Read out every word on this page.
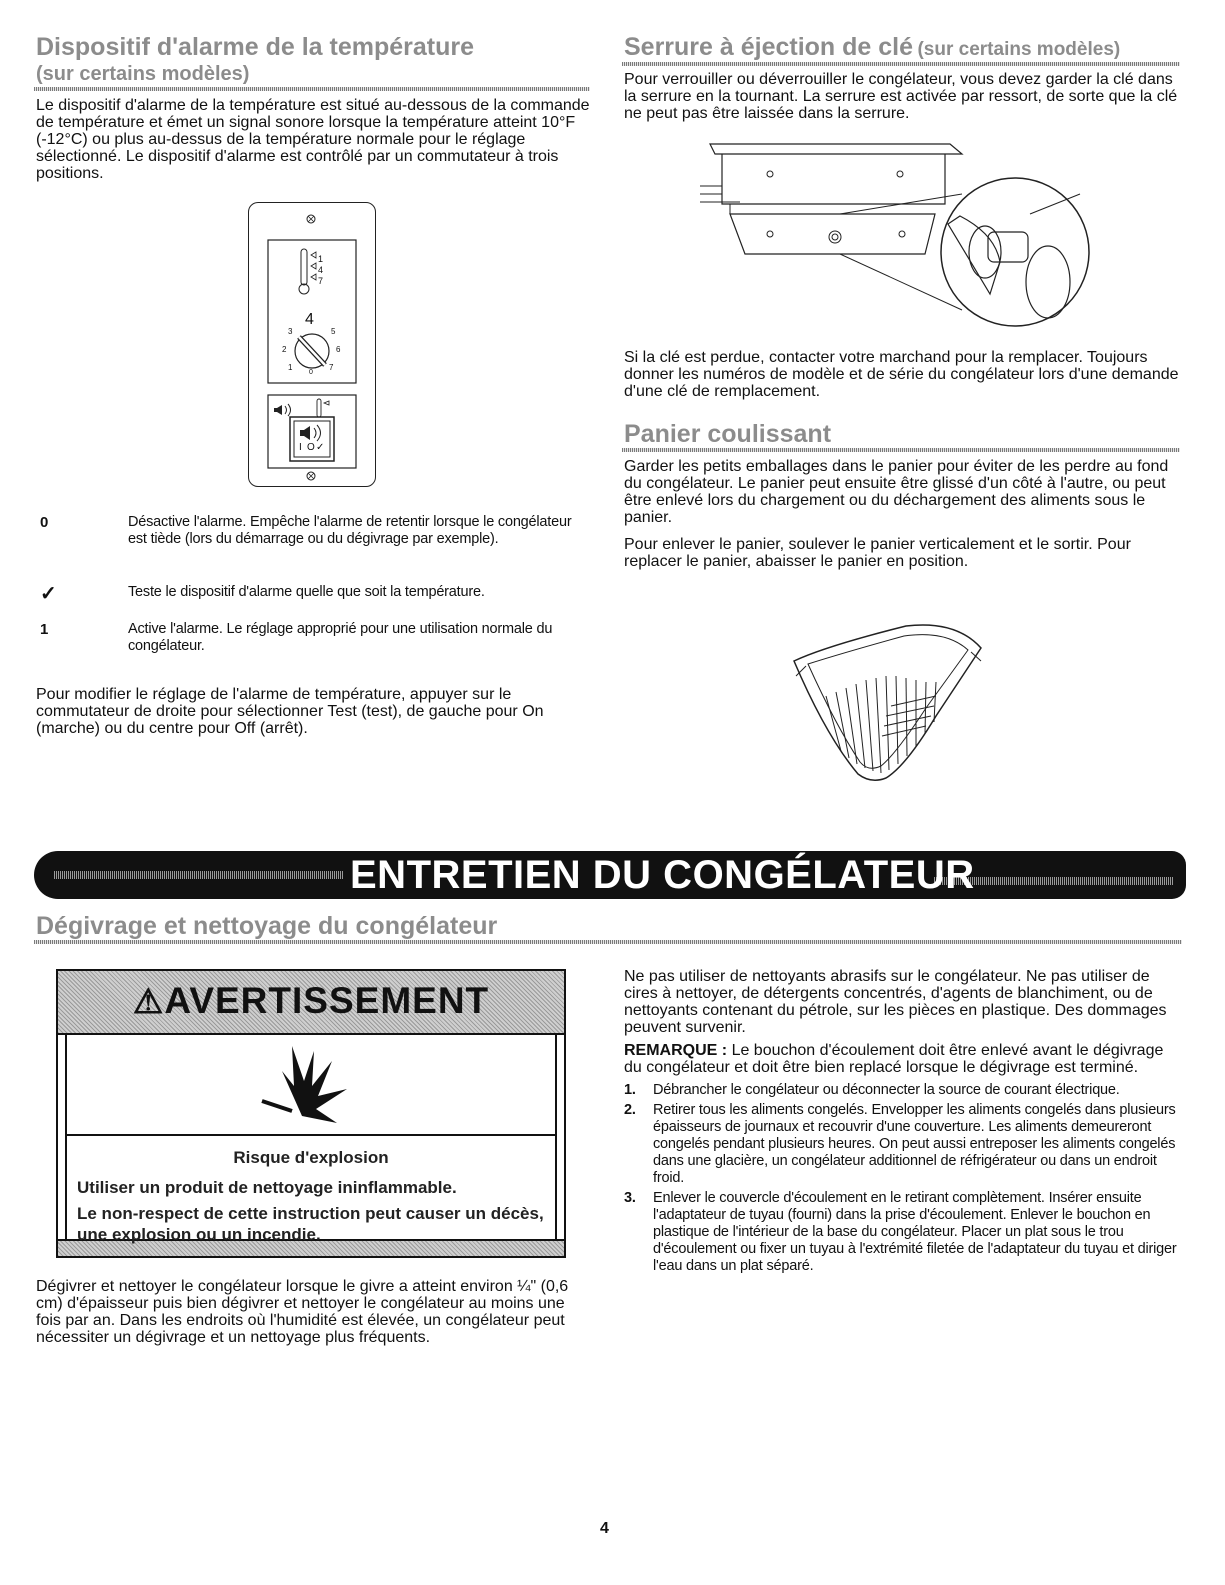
Dispositif d'alarme de la température
(sur certains modèles)

Le dispositif d'alarme de la température est situé au-dessous de la commande de température et émet un signal sonore lorsque la température atteint 10°F (-12°C) ou plus au-dessus de la température normale pour le réglage sélectionné. Le dispositif d'alarme est contrôlé par un commutateur à trois positions.

1
4
7
4
3	5
2	6
1	7
0
I O ✓
0	Désactive l'alarme. Empêche l'alarme de retentir lorsque le congélateur est tiède (lors du démarrage ou du dégivrage par exemple).

✓	Teste le dispositif d'alarme quelle que soit la température.

1	Active l'alarme. Le réglage approprié pour une utilisation normale du congélateur.

Pour modifier le réglage de l'alarme de température, appuyer sur le commutateur de droite pour sélectionner Test (test), de gauche pour On (marche) ou du centre pour Off (arrêt).

Serrure à éjection de clé (sur certains modèles)

Pour verrouiller ou déverrouiller le congélateur, vous devez garder la clé dans la serrure en la tournant. La serrure est activée par ressort, de sorte que la clé ne peut pas être laissée dans la serrure.

Si la clé est perdue, contacter votre marchand pour la remplacer. Toujours donner les numéros de modèle et de série du congélateur lors d'une demande d'une clé de remplacement.

Panier coulissant

Garder les petits emballages dans le panier pour éviter de les perdre au fond du congélateur. Le panier peut ensuite être glissé d'un côté à l'autre, ou peut être enlevé lors du chargement ou du déchargement des aliments sous le panier.

Pour enlever le panier, soulever le panier verticalement et le sortir. Pour replacer le panier, abaisser le panier en position.

ENTRETIEN DU CONGÉLATEUR
Dégivrage et nettoyage du congélateur
⚠AVERTISSEMENT
Risque d'explosion
Utiliser un produit de nettoyage ininflammable.
Le non-respect de cette instruction peut causer un décès, une explosion ou un incendie.

Dégivrer et nettoyer le congélateur lorsque le givre a atteint environ ¼" (0,6 cm) d'épaisseur puis bien dégivrer et nettoyer le congélateur au moins une fois par an. Dans les endroits où l'humidité est élevée, un congélateur peut nécessiter un dégivrage et un nettoyage plus fréquents.

Ne pas utiliser de nettoyants abrasifs sur le congélateur. Ne pas utiliser de cires à nettoyer, de détergents concentrés, d'agents de blanchiment, ou de nettoyants contenant du pétrole, sur les pièces en plastique. Des dommages peuvent survenir.

REMARQUE : Le bouchon d'écoulement doit être enlevé avant le dégivrage du congélateur et doit être bien replacé lorsque le dégivrage est terminé.

1. Débrancher le congélateur ou déconnecter la source de courant électrique.
2. Retirer tous les aliments congelés. Envelopper les aliments congelés dans plusieurs épaisseurs de journaux et recouvrir d'une couverture. Les aliments demeureront congelés pendant plusieurs heures. On peut aussi entreposer les aliments congelés dans une glacière, un congélateur additionnel de réfrigérateur ou dans un endroit froid.
3. Enlever le couvercle d'écoulement en le retirant complètement. Insérer ensuite l'adaptateur de tuyau (fourni) dans la prise d'écoulement. Enlever le bouchon en plastique de l'intérieur de la base du congélateur. Placer un plat sous le trou d'écoulement ou fixer un tuyau à l'extrémité filetée de l'adaptateur du tuyau et diriger l'eau dans un plat séparé.
4
